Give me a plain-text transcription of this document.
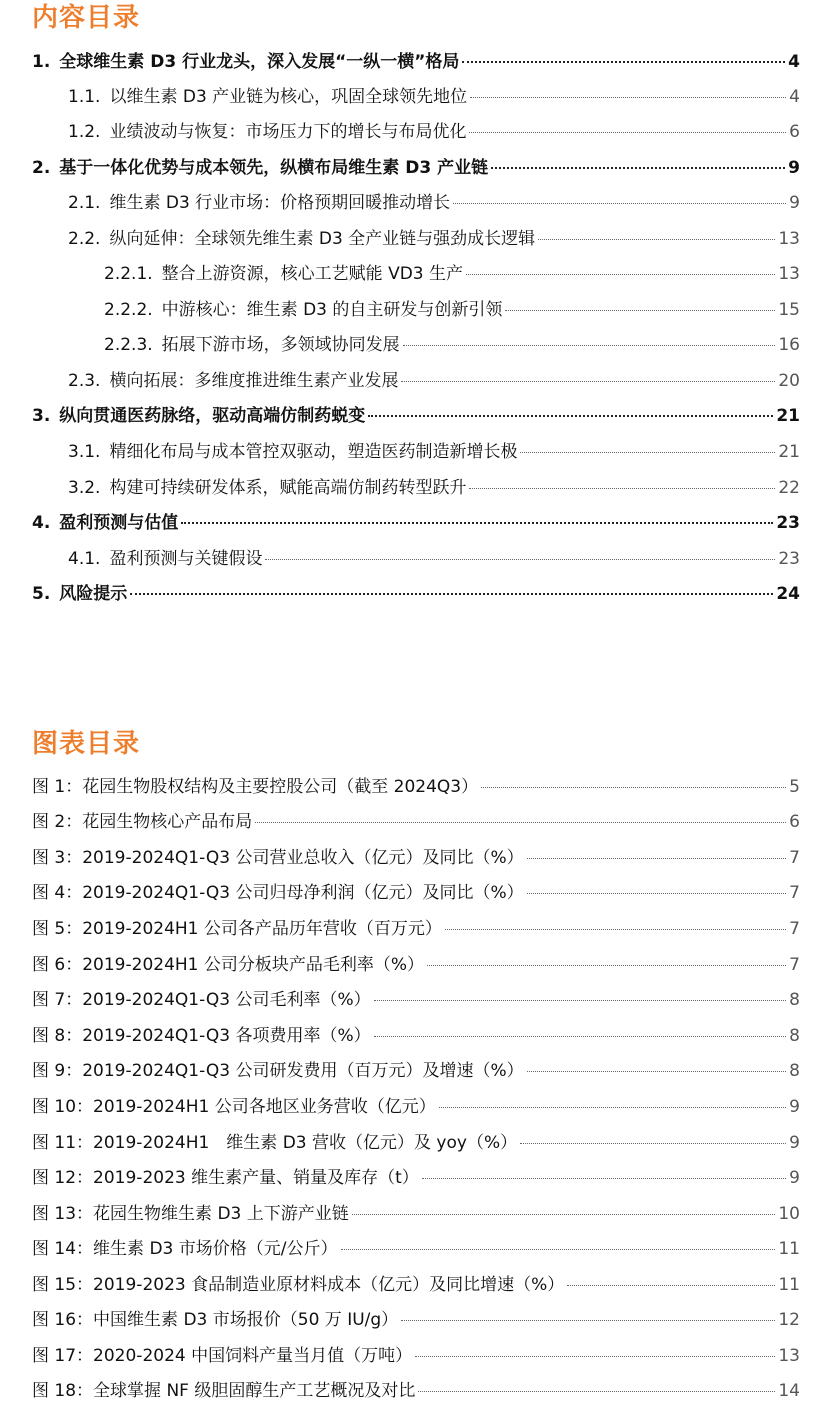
内容目录
1. 全球维生素 D3 行业龙头，深入发展“一纵一横”格局	4
1.1. 以维生素 D3 产业链为核心，巩固全球领先地位	4
1.2. 业绩波动与恢复：市场压力下的增长与布局优化	6
2. 基于一体化优势与成本领先，纵横布局维生素 D3 产业链	9
2.1. 维生素 D3 行业市场：价格预期回暖推动增长	9
2.2. 纵向延伸：全球领先维生素 D3 全产业链与强劲成长逻辑	13
2.2.1. 整合上游资源，核心工艺赋能 VD3 生产	13
2.2.2. 中游核心：维生素 D3 的自主研发与创新引领	15
2.2.3. 拓展下游市场，多领域协同发展	16
2.3. 横向拓展：多维度推进维生素产业发展	20
3. 纵向贯通医药脉络，驱动高端仿制药蜕变	21
3.1. 精细化布局与成本管控双驱动，塑造医药制造新增长极	21
3.2. 构建可持续研发体系，赋能高端仿制药转型跃升	22
4. 盈利预测与估值	23
4.1. 盈利预测与关键假设	23
5. 风险提示	24
图表目录
图 1： 花园生物股权结构及主要控股公司（截至 2024Q3）	5
图 2： 花园生物核心产品布局	6
图 3： 2019-2024Q1-Q3 公司营业总收入（亿元）及同比（%）	7
图 4： 2019-2024Q1-Q3 公司归母净利润（亿元）及同比（%）	7
图 5： 2019-2024H1 公司各产品历年营收（百万元）	7
图 6： 2019-2024H1 公司分板块产品毛利率（%）	7
图 7： 2019-2024Q1-Q3 公司毛利率（%）	8
图 8： 2019-2024Q1-Q3 各项费用率（%）	8
图 9： 2019-2024Q1-Q3 公司研发费用（百万元）及增速（%）	8
图 10： 2019-2024H1 公司各地区业务营收（亿元）	9
图 11： 2019-2024H1　维生素 D3 营收（亿元）及 yoy（%）	9
图 12： 2019-2023 维生素产量、销量及库存（t）	9
图 13： 花园生物维生素 D3 上下游产业链	10
图 14： 维生素 D3 市场价格（元/公斤）	11
图 15： 2019-2023 食品制造业原材料成本（亿元）及同比增速（%）	11
图 16： 中国维生素 D3 市场报价（50 万 IU/g）	12
图 17： 2020-2024 中国饲料产量当月值（万吨）	13
图 18： 全球掌握 NF 级胆固醇生产工艺概况及对比	14
